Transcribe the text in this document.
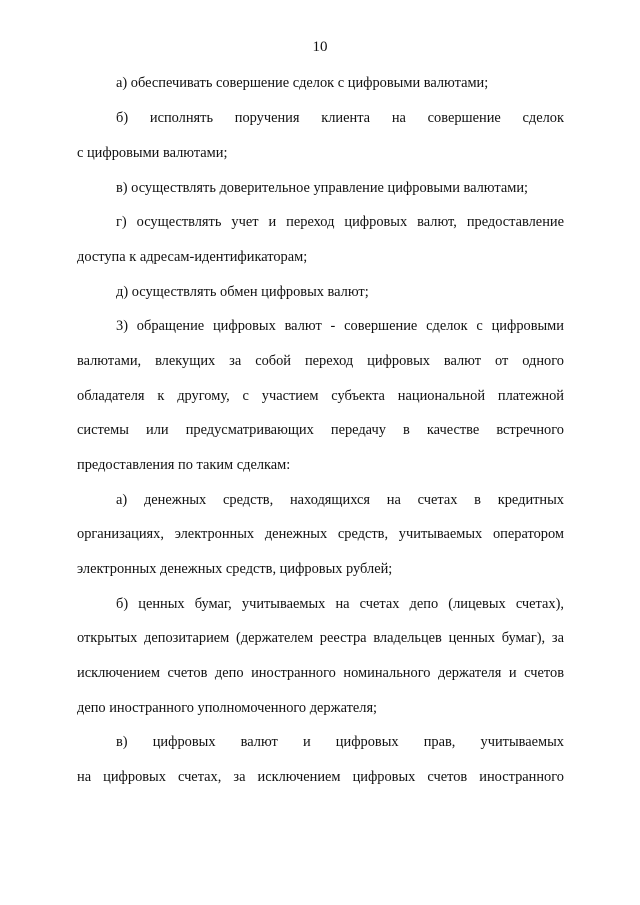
10
а) обеспечивать совершение сделок с цифровыми валютами;
б) исполнять поручения клиента на совершение сделок
с цифровыми валютами;
в) осуществлять доверительное управление цифровыми валютами;
г) осуществлять учет и переход цифровых валют, предоставление
доступа к адресам-идентификаторам;
д) осуществлять обмен цифровых валют;
3) обращение цифровых валют - совершение сделок с цифровыми
валютами, влекущих за собой переход цифровых валют от одного
обладателя к другому, с участием субъекта национальной платежной
системы или предусматривающих передачу в качестве встречного
предоставления по таким сделкам:
а) денежных средств, находящихся на счетах в кредитных
организациях, электронных денежных средств, учитываемых оператором
электронных денежных средств, цифровых рублей;
б) ценных бумаг, учитываемых на счетах депо (лицевых счетах),
открытых депозитарием (держателем реестра владельцев ценных бумаг), за
исключением счетов депо иностранного номинального держателя и счетов
депо иностранного уполномоченного держателя;
в) цифровых валют и цифровых прав, учитываемых
на цифровых счетах, за исключением цифровых счетов иностранного
